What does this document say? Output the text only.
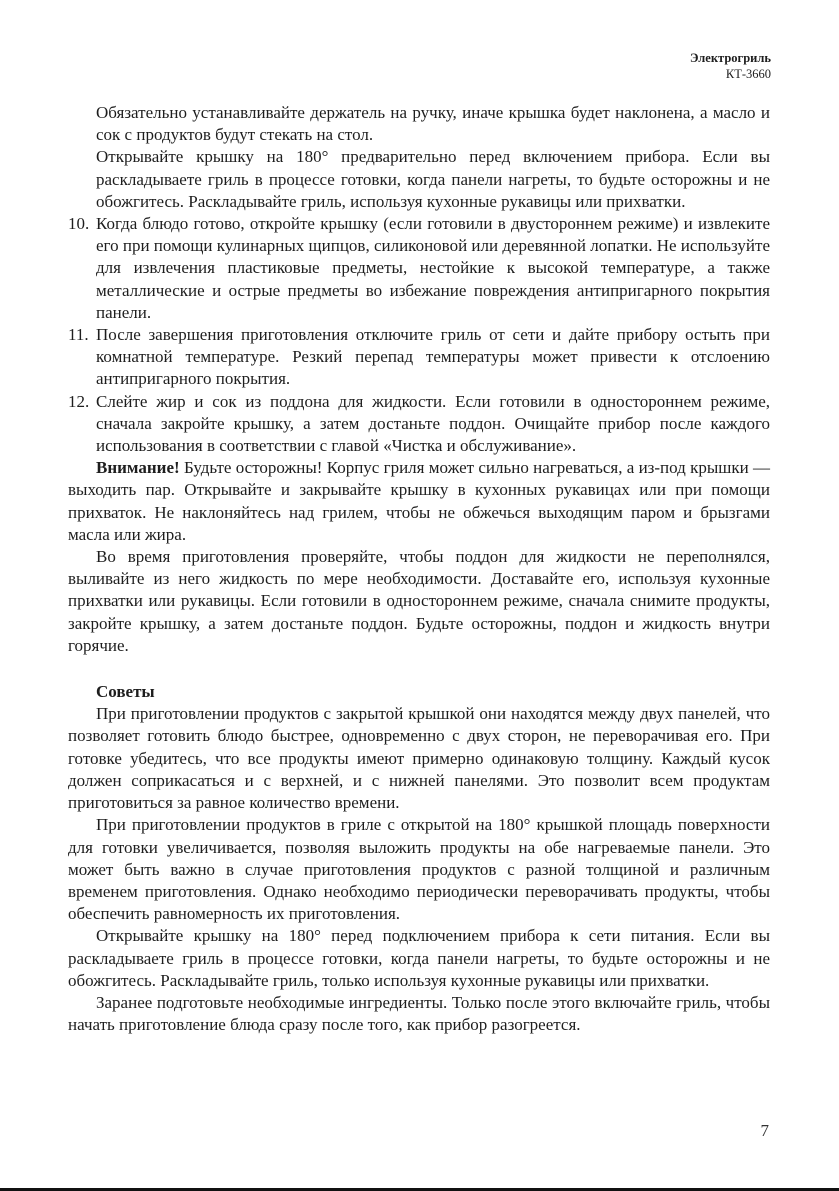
Электрогриль
КТ-3660

Обязательно устанавливайте держатель на ручку, иначе крышка будет наклонена, а масло и сок с продуктов будут стекать на стол.

Открывайте крышку на 180° предварительно перед включением прибора. Если вы раскладываете гриль в процессе готовки, когда панели нагреты, то будьте осторожны и не обожгитесь. Раскладывайте гриль, используя кухонные рукавицы или прихватки.

10. Когда блюдо готово, откройте крышку (если готовили в двустороннем режиме) и извлеките его при помощи кулинарных щипцов, силиконовой или деревянной лопатки. Не используйте для извлечения пластиковые предметы, нестойкие к высокой температуре, а также металлические и острые предметы во избежание повреждения антипригарного покрытия панели.
11. После завершения приготовления отключите гриль от сети и дайте прибору остыть при комнатной температуре. Резкий перепад температуры может привести к отслоению антипригарного покрытия.
12. Слейте жир и сок из поддона для жидкости. Если готовили в одностороннем режиме, сначала закройте крышку, а затем достаньте поддон. Очищайте прибор после каждого использования в соответствии с главой «Чистка и обслуживание».

Внимание! Будьте осторожны! Корпус гриля может сильно нагреваться, а из-под крышки — выходить пар. Открывайте и закрывайте крышку в кухонных рукавицах или при помощи прихваток. Не наклоняйтесь над грилем, чтобы не обжечься выходящим паром и брызгами масла или жира.

Во время приготовления проверяйте, чтобы поддон для жидкости не переполнялся, выливайте из него жидкость по мере необходимости. Доставайте его, используя кухонные прихватки или рукавицы. Если готовили в одностороннем режиме, сначала снимите продукты, закройте крышку, а затем достаньте поддон. Будьте осторожны, поддон и жидкость внутри горячие.

Советы

При приготовлении продуктов с закрытой крышкой они находятся между двух панелей, что позволяет готовить блюдо быстрее, одновременно с двух сторон, не переворачивая его. При готовке убедитесь, что все продукты имеют примерно одинаковую толщину. Каждый кусок должен соприкасаться и с верхней, и с нижней панелями. Это позволит всем продуктам приготовиться за равное количество времени.

При приготовлении продуктов в гриле с открытой на 180° крышкой площадь поверхности для готовки увеличивается, позволяя выложить продукты на обе нагреваемые панели. Это может быть важно в случае приготовления продуктов с разной толщиной и различным временем приготовления. Однако необходимо периодически переворачивать продукты, чтобы обеспечить равномерность их приготовления.

Открывайте крышку на 180° перед подключением прибора к сети питания. Если вы раскладываете гриль в процессе готовки, когда панели нагреты, то будьте осторожны и не обожгитесь. Раскладывайте гриль, только используя кухонные рукавицы или прихватки.

Заранее подготовьте необходимые ингредиенты. Только после этого включайте гриль, чтобы начать приготовление блюда сразу после того, как прибор разогреется.

7
